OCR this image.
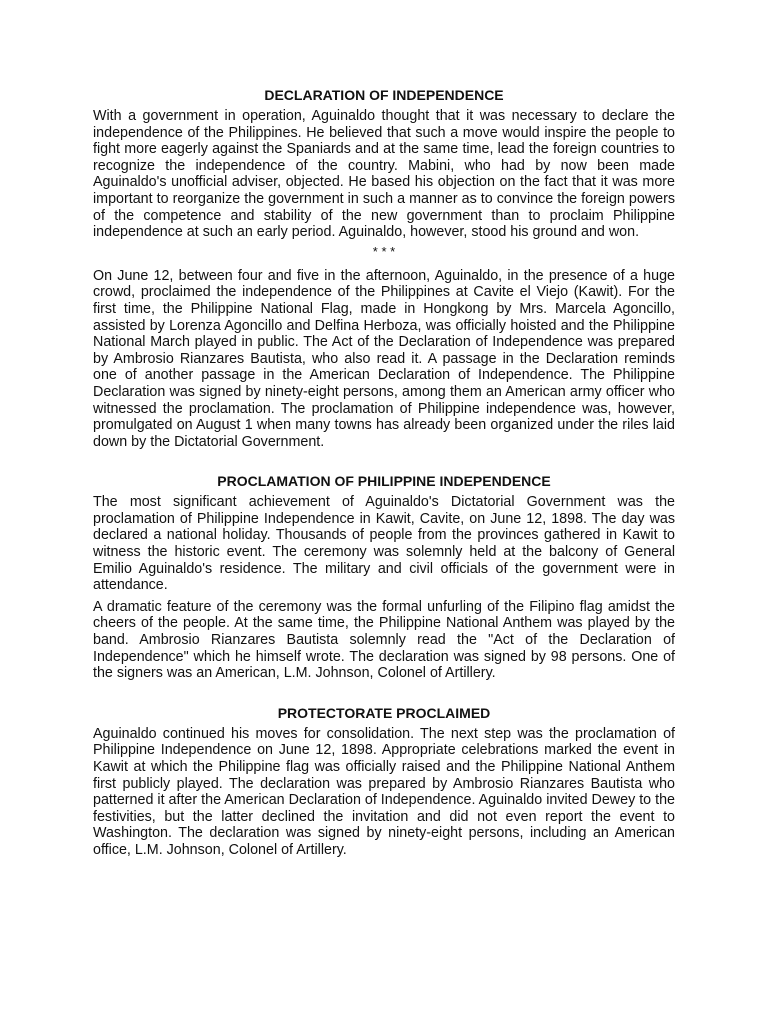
DECLARATION OF INDEPENDENCE

With a government in operation, Aguinaldo thought that it was necessary to declare the independence of the Philippines. He believed that such a move would inspire the people to fight more eagerly against the Spaniards and at the same time, lead the foreign countries to recognize the independence of the country. Mabini, who had by now been made Aguinaldo's unofficial adviser, objected. He based his objection on the fact that it was more important to reorganize the government in such a manner as to convince the foreign powers of the competence and stability of the new government than to proclaim Philippine independence at such an early period. Aguinaldo, however, stood his ground and won.

* * *

On June 12, between four and five in the afternoon, Aguinaldo, in the presence of a huge crowd, proclaimed the independence of the Philippines at Cavite el Viejo (Kawit). For the first time, the Philippine National Flag, made in Hongkong by Mrs. Marcela Agoncillo, assisted by Lorenza Agoncillo and Delfina Herboza, was officially hoisted and the Philippine National March played in public. The Act of the Declaration of Independence was prepared by Ambrosio Rianzares Bautista, who also read it. A passage in the Declaration reminds one of another passage in the American Declaration of Independence. The Philippine Declaration was signed by ninety-eight persons, among them an American army officer who witnessed the proclamation. The proclamation of Philippine independence was, however, promulgated on August 1 when many towns has already been organized under the riles laid down by the Dictatorial Government.

PROCLAMATION OF PHILIPPINE INDEPENDENCE

The most significant achievement of Aguinaldo's Dictatorial Government was the proclamation of Philippine Independence in Kawit, Cavite, on June 12, 1898. The day was declared a national holiday. Thousands of people from the provinces gathered in Kawit to witness the historic event. The ceremony was solemnly held at the balcony of General Emilio Aguinaldo's residence. The military and civil officials of the government were in attendance.

A dramatic feature of the ceremony was the formal unfurling of the Filipino flag amidst the cheers of the people. At the same time, the Philippine National Anthem was played by the band. Ambrosio Rianzares Bautista solemnly read the "Act of the Declaration of Independence" which he himself wrote. The declaration was signed by 98 persons. One of the signers was an American, L.M. Johnson, Colonel of Artillery.

PROTECTORATE PROCLAIMED

Aguinaldo continued his moves for consolidation. The next step was the proclamation of Philippine Independence on June 12, 1898. Appropriate celebrations marked the event in Kawit at which the Philippine flag was officially raised and the Philippine National Anthem first publicly played. The declaration was prepared by Ambrosio Rianzares Bautista who patterned it after the American Declaration of Independence. Aguinaldo invited Dewey to the festivities, but the latter declined the invitation and did not even report the event to Washington. The declaration was signed by ninety-eight persons, including an American office, L.M. Johnson, Colonel of Artillery.
